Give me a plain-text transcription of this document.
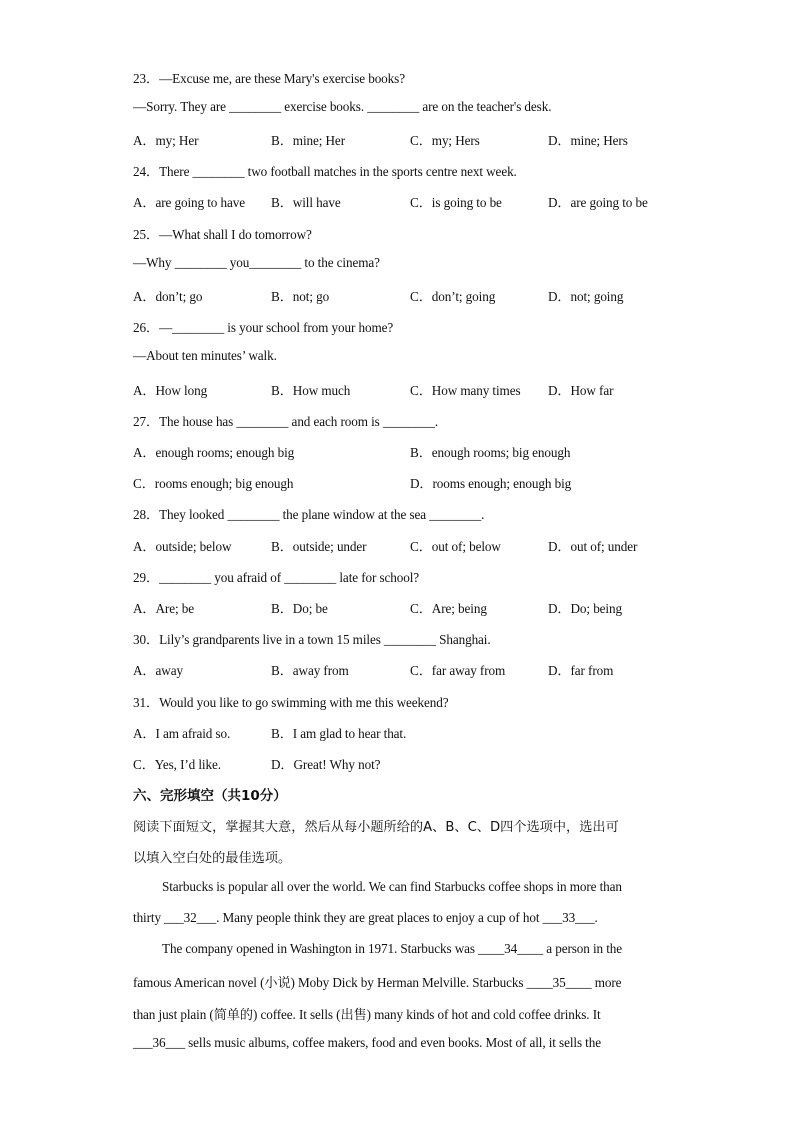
23．—Excuse me, are these Mary's exercise books?
—Sorry. They are ________ exercise books. ________ are on the teacher's desk.
A．my; Her	B．mine; Her	C．my; Hers	D．mine; Hers
24．There ________ two football matches in the sports centre next week.
A．are going to have B．will have	C．is going to be	D．are going to be
25．—What shall I do tomorrow?
—Why ________ you________ to the cinema?
A．don’t; go	B．not; go	C．don’t; going	D．not; going
26．—________ is your school from your home?
—About ten minutes’ walk.
A．How long	B．How much	C．How many times D．How far
27．The house has ________ and each room is ________.
A．enough rooms; enough big	B．enough rooms; big enough
C．rooms enough; big enough	D．rooms enough; enough big
28．They looked ________ the plane window at the sea ________.
A．outside; below	B．outside; under	C．out of; below	D．out of; under
29．________ you afraid of ________ late for school?
A．Are; be	B．Do; be	C．Are; being	D．Do; being
30．Lily’s grandparents live in a town 15 miles ________ Shanghai.
A．away	B．away from	C．far away from	D．far from
31．Would you like to go swimming with me this weekend?
A．I am afraid so.	B．I am glad to hear that.
C．Yes, I’d like.	D．Great! Why not?
六、完形填空（共10分）
阅读下面短文，掌握其大意，然后从每小题所给的A、B、C、D四个选项中，选出可
以填入空白处的最佳选项。
Starbucks is popular all over the world. We can find Starbucks coffee shops in more than
thirty ___32___. Many people think they are great places to enjoy a cup of hot ___33___.
The company opened in Washington in 1971. Starbucks was ____34____ a person in the
famous American novel (小说) Moby Dick by Herman Melville. Starbucks ____35____ more
than just plain (简单的) coffee. It sells (出售) many kinds of hot and cold coffee drinks. It
___36___ sells music albums, coffee makers, food and even books. Most of all, it sells the
